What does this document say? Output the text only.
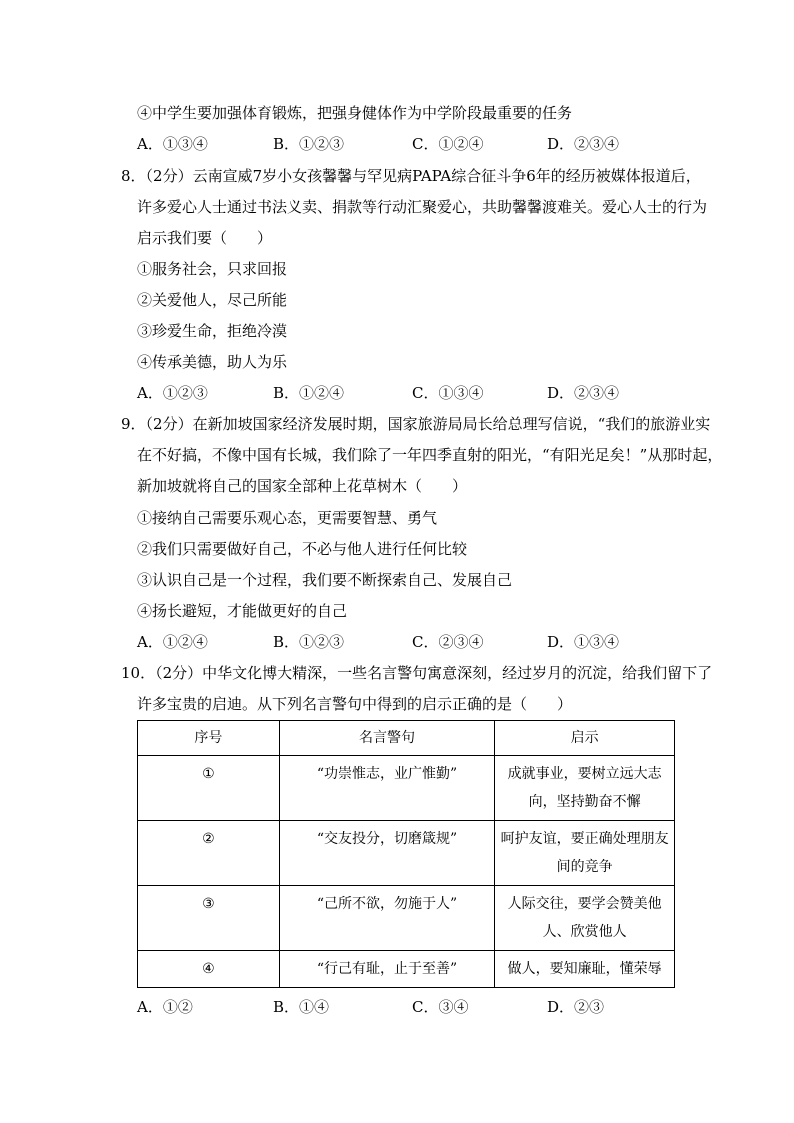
④中学生要加强体育锻炼，把强身健体作为中学阶段最重要的任务
A．①③④	B．①②③	C．①②④	D．②③④
8．（2分）云南宣威7岁小女孩馨馨与罕见病PAPA综合征斗争6年的经历被媒体报道后，
许多爱心人士通过书法义卖、捐款等行动汇聚爱心，共助馨馨渡难关。爱心人士的行为
启示我们要（　　）
①服务社会，只求回报
②关爱他人，尽己所能
③珍爱生命，拒绝冷漠
④传承美德，助人为乐
A．①②③	B．①②④	C．①③④	D．②③④
9．（2分）在新加坡国家经济发展时期，国家旅游局局长给总理写信说，“我们的旅游业实
在不好搞，不像中国有长城，我们除了一年四季直射的阳光，“有阳光足矣！”从那时起，
新加坡就将自己的国家全部种上花草树木（　　）
①接纳自己需要乐观心态，更需要智慧、勇气
②我们只需要做好自己，不必与他人进行任何比较
③认识自己是一个过程，我们要不断探索自己、发展自己
④扬长避短，才能做更好的自己
A．①②④	B．①②③	C．②③④	D．①③④
10．（2分）中华文化博大精深，一些名言警句寓意深刻，经过岁月的沉淀，给我们留下了
许多宝贵的启迪。从下列名言警句中得到的启示正确的是（　　）
序号	名言警句	启示
①	“功崇惟志，业广惟勤”	成就事业，要树立远大志向，坚持勤奋不懈
②	“交友投分，切磨箴规”	呵护友谊，要正确处理朋友间的竞争
③	“己所不欲，勿施于人”	人际交往，要学会赞美他人、欣赏他人
④	“行己有耻，止于至善”	做人，要知廉耻，懂荣辱
A．①②	B．①④	C．③④	D．②③
